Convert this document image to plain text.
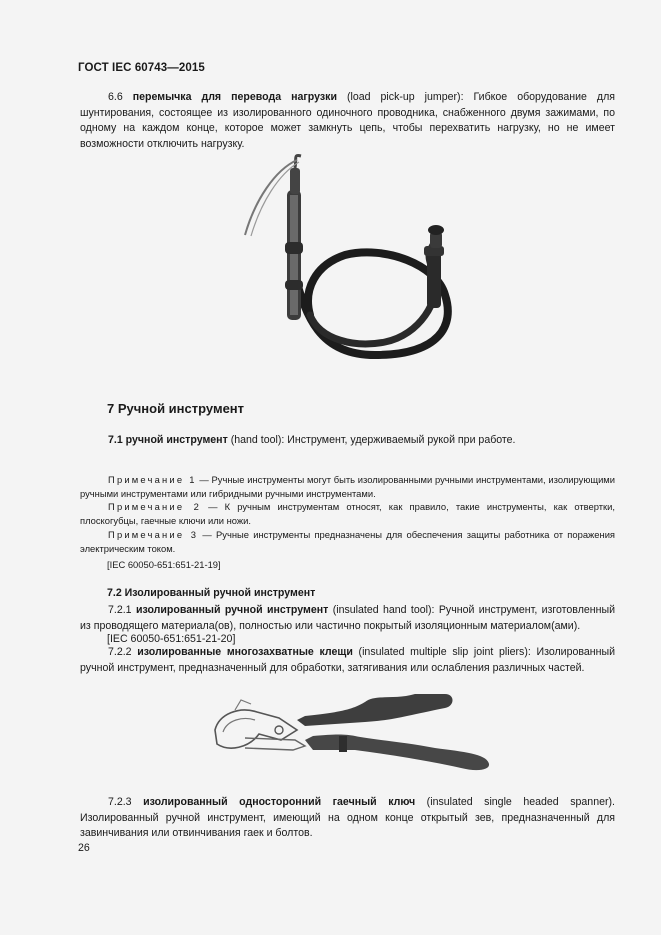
ГОСТ IEC 60743—2015
6.6 перемычка для перевода нагрузки (load pick-up jumper): Гибкое оборудование для шунтирования, состоящее из изолированного одиночного проводника, снабженного двумя зажимами, по одному на каждом конце, которое может замкнуть цепь, чтобы перехватить нагрузку, но не имеет возможности отключить нагрузку.
7 Ручной инструмент
7.1 ручной инструмент (hand tool): Инструмент, удерживаемый рукой при работе.
Примечание 1 — Ручные инструменты могут быть изолированными ручными инструментами, изолирующими ручными инструментами или гибридными ручными инструментами.
Примечание 2 — К ручным инструментам относят, как правило, такие инструменты, как отвертки, плоскогубцы, гаечные ключи или ножи.
Примечание 3 — Ручные инструменты предназначены для обеспечения защиты работника от поражения электрическим током.
[IEC 60050-651:651-21-19]
7.2 Изолированный ручной инструмент
7.2.1 изолированный ручной инструмент (insulated hand tool): Ручной инструмент, изготовленный из проводящего материала(ов), полностью или частично покрытый изоляционным материалом(ами).
[IEC 60050-651:651-21-20]
7.2.2 изолированные многозахватные клещи (insulated multiple slip joint pliers): Изолированный ручной инструмент, предназначенный для обработки, затягивания или ослабления различных частей.
7.2.3 изолированный односторонний гаечный ключ (insulated single headed spanner). Изолированный ручной инструмент, имеющий на одном конце открытый зев, предназначенный для завинчивания или отвинчивания гаек и болтов.
26
